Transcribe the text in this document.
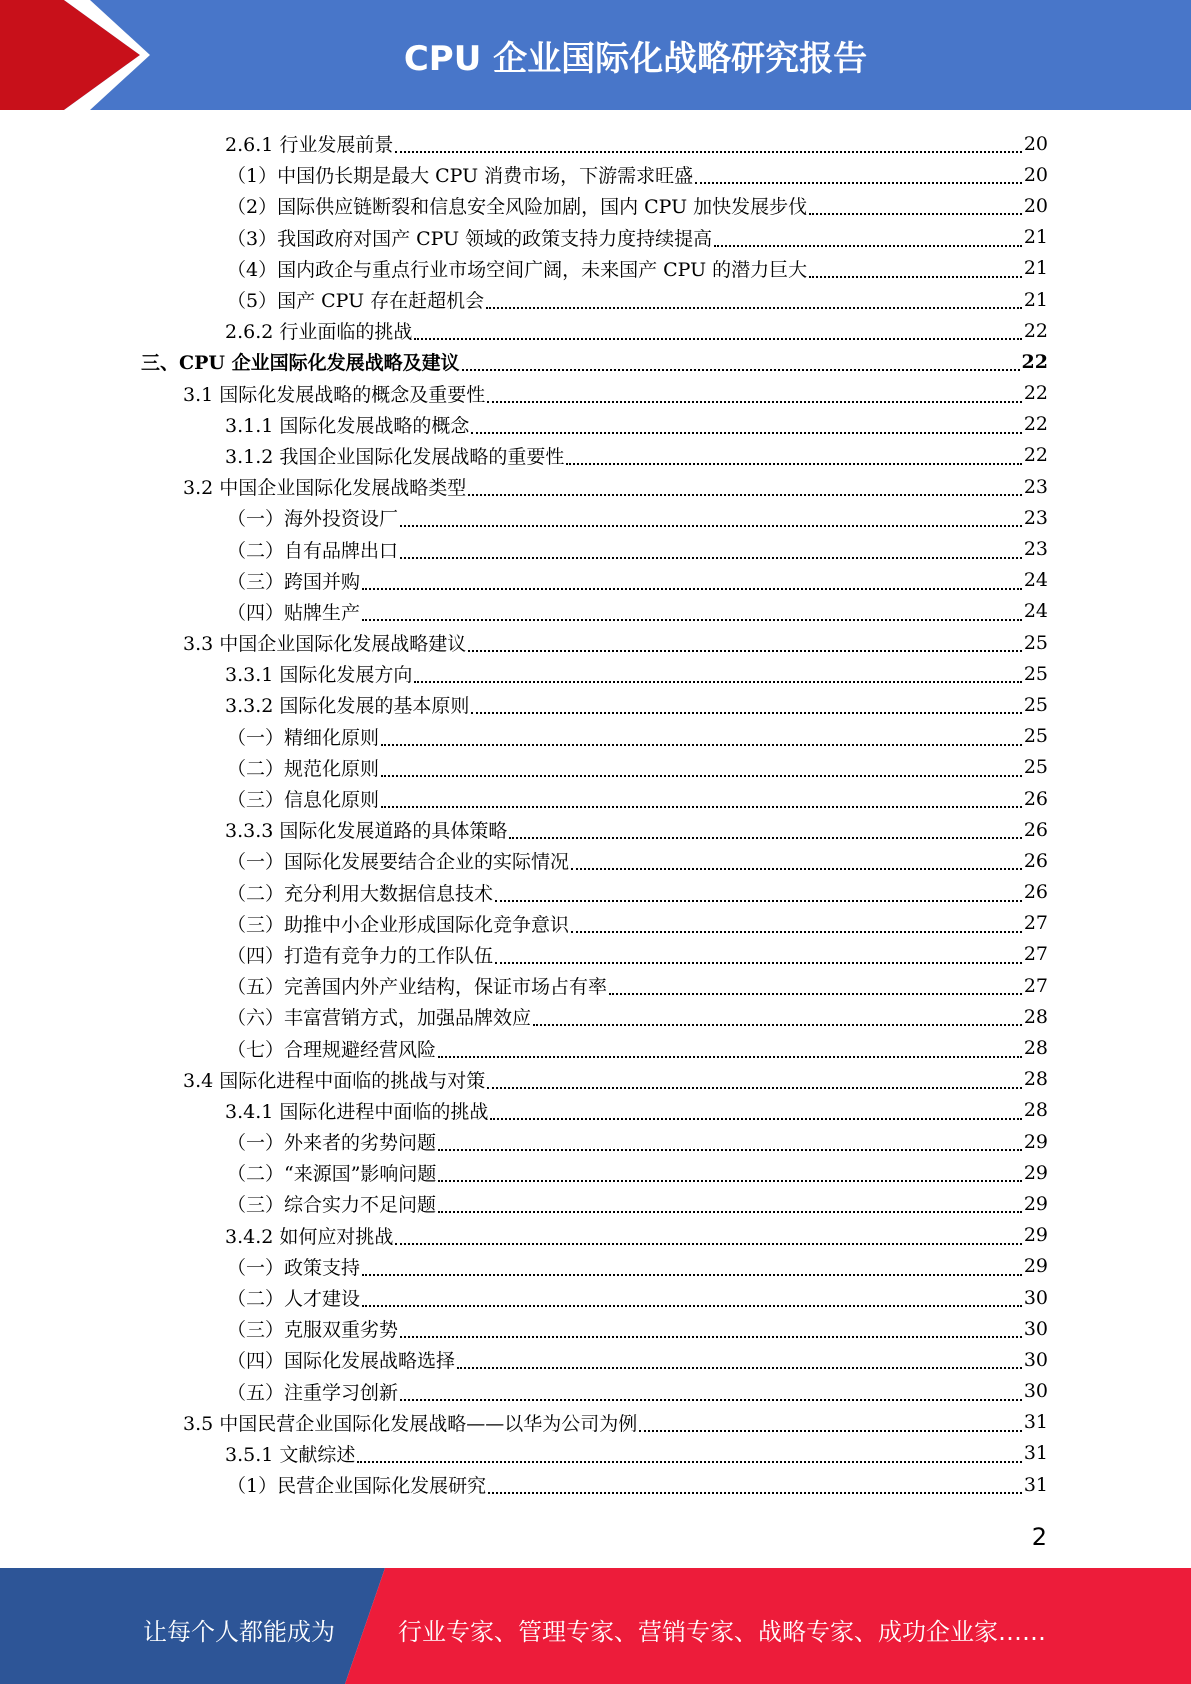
CPU 企业国际化战略研究报告
2.6.1 行业发展前景	20
（1）中国仍长期是最大 CPU 消费市场，下游需求旺盛	20
（2）国际供应链断裂和信息安全风险加剧，国内 CPU 加快发展步伐	20
（3）我国政府对国产 CPU 领域的政策支持力度持续提高	21
（4）国内政企与重点行业市场空间广阔，未来国产 CPU 的潜力巨大	21
（5）国产 CPU 存在赶超机会	21
2.6.2 行业面临的挑战	22
三、CPU 企业国际化发展战略及建议	22
3.1 国际化发展战略的概念及重要性	22
3.1.1 国际化发展战略的概念	22
3.1.2 我国企业国际化发展战略的重要性	22
3.2 中国企业国际化发展战略类型	23
（一）海外投资设厂	23
（二）自有品牌出口	23
（三）跨国并购	24
（四）贴牌生产	24
3.3 中国企业国际化发展战略建议	25
3.3.1 国际化发展方向	25
3.3.2 国际化发展的基本原则	25
（一）精细化原则	25
（二）规范化原则	25
（三）信息化原则	26
3.3.3 国际化发展道路的具体策略	26
（一）国际化发展要结合企业的实际情况	26
（二）充分利用大数据信息技术	26
（三）助推中小企业形成国际化竞争意识	27
（四）打造有竞争力的工作队伍	27
（五）完善国内外产业结构，保证市场占有率	27
（六）丰富营销方式，加强品牌效应	28
（七）合理规避经营风险	28
3.4 国际化进程中面临的挑战与对策	28
3.4.1 国际化进程中面临的挑战	28
（一）外来者的劣势问题	29
（二）“来源国”影响问题	29
（三）综合实力不足问题	29
3.4.2 如何应对挑战	29
（一）政策支持	29
（二）人才建设	30
（三）克服双重劣势	30
（四）国际化发展战略选择	30
（五）注重学习创新	30
3.5 中国民营企业国际化发展战略——以华为公司为例	31
3.5.1 文献综述	31
（1）民营企业国际化发展研究	31
2
让每个人都能成为	行业专家、管理专家、营销专家、战略专家、成功企业家……
